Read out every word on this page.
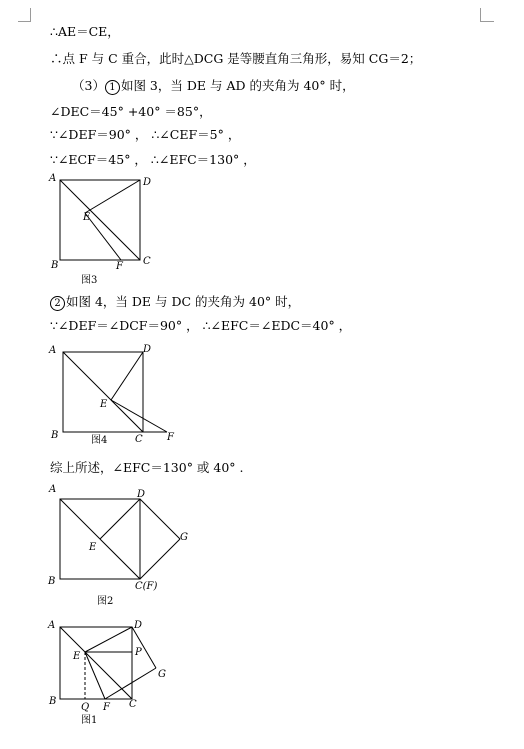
∴AE＝CE，
∴点 F 与 C 重合，此时△DCG 是等腰直角三角形，易知 CG＝2；
（3） 1 如图 3，当 DE 与 AD 的夹角为 40° 时，
∠DEC＝45° +40° ＝85°，
∵∠DEF＝90° ， ∴∠CEF＝5° ，
∵∠ECF＝45° ， ∴∠EFC＝130° ，
A	D
B	C
E
F
图3
2 如图 4，当 DE 与 DC 的夹角为 40° 时，
∵∠DEF＝∠DCF＝90° ， ∴∠EFC＝∠EDC＝40° ，
A	D
B	C
E
F
图4
综上所述，∠EFC＝130° 或 40° .
A	D
B	C(F)
E
G
图2
A	D
B	C
E	P
G
Q F
图1
